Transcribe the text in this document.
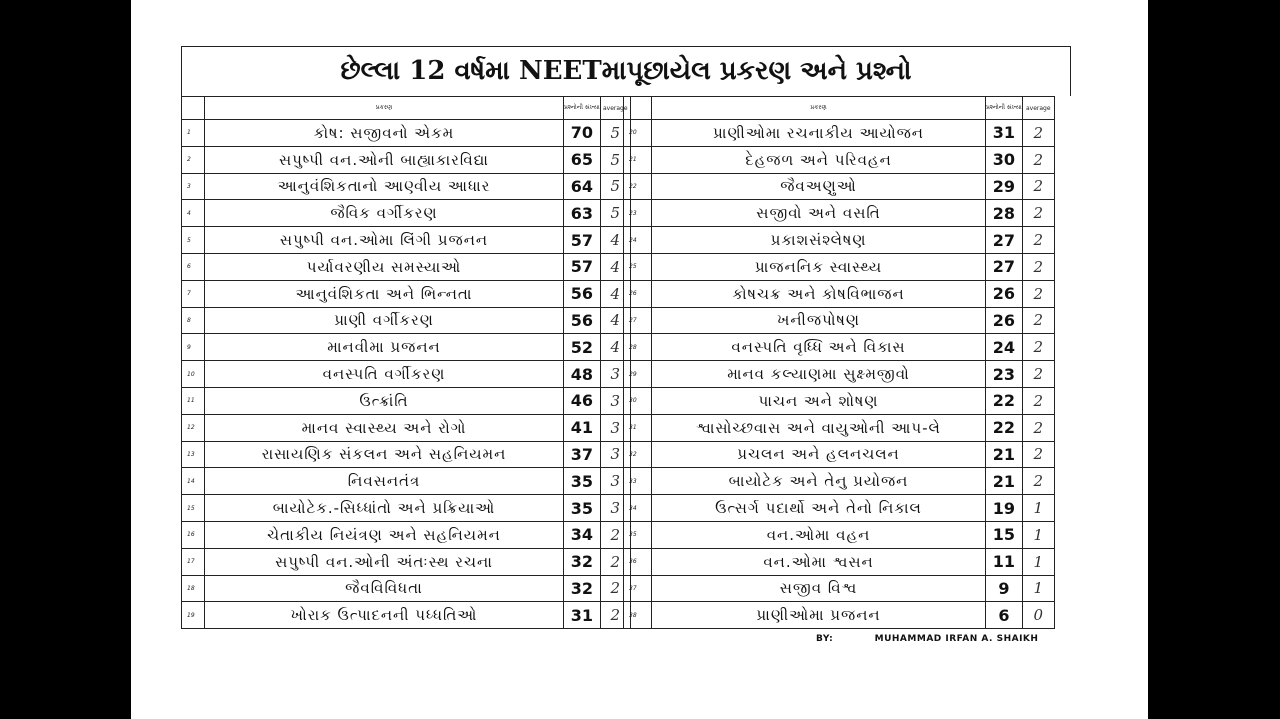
છેલ્લા 12 વર્ષમા NEETમાપૂછાયેલ પ્રકરણ અને પ્રશ્નો
	પ્રકરણ	પ્રશ્નોની સંખ્યા	average
1	કોષ: સજીવનો એકમ	70	5
2	સપુષ્પી વન.ઓની બાહ્યાકારવિદ્યા	65	5
3	આનુવંશિકતાનો આણ્વીય આધાર	64	5
4	જૈવિક વર્ગીકરણ	63	5
5	સપુષ્પી વન.ઓમા લિંગી પ્રજનન	57	4
6	પર્યાવરણીય સમસ્યાઓ	57	4
7	આનુવંશિકતા અને ભિન્નતા	56	4
8	પ્રાણી વર્ગીકરણ	56	4
9	માનવીમા પ્રજનન	52	4
10	વનસ્પતિ વર્ગીકરણ	48	3
11	ઉત્ક્રાંતિ	46	3
12	માનવ સ્વાસ્થ્ય અને રોગો	41	3
13	રાસાયણિક સંકલન અને સહનિયમન	37	3
14	નિવસનતંત્ર	35	3
15	બાયોટેક.-સિધ્ધાંતો અને પ્રક્રિયાઓ	35	3
16	ચેતાકીય નિયંત્રણ અને સહનિયમન	34	2
17	સપુષ્પી વન.ઓની અંતઃસ્થ રચના	32	2
18	જૈવવિવિધતા	32	2
19	ખોરાક ઉત્પાદનની પધ્ધતિઓ	31	2
	પ્રકરણ	પ્રશ્નોની સંખ્યા	average
20	પ્રાણીઓમા રચનાકીય આયોજન	31	2
21	દેહજળ અને પરિવહન	30	2
22	જૈવઅણુઓ	29	2
23	સજીવો અને વસતિ	28	2
24	પ્રકાશસંશ્લેષણ	27	2
25	પ્રાજનનિક સ્વાસ્થ્ય	27	2
26	કોષચક્ર અને કોષવિભાજન	26	2
27	ખનીજપોષણ	26	2
28	વનસ્પતિ વૃધ્ધિ અને વિકાસ	24	2
29	માનવ કલ્યાણમા સુક્ષ્મજીવો	23	2
30	પાચન અને શોષણ	22	2
31	શ્વાસોચ્છવાસ અને વાયુઓની આપ-લે	22	2
32	પ્રચલન અને હલનચલન	21	2
33	બાયોટેક અને તેનુ પ્રયોજન	21	2
34	ઉત્સર્ગ પદાર્થો અને તેનો નિકાલ	19	1
35	વન.ઓમા વહન	15	1
36	વન.ઓમા શ્વસન	11	1
37	સજીવ વિશ્વ	9	1
38	પ્રાણીઓમા પ્રજનન	6	0
BY:	MUHAMMAD IRFAN A. SHAIKH
